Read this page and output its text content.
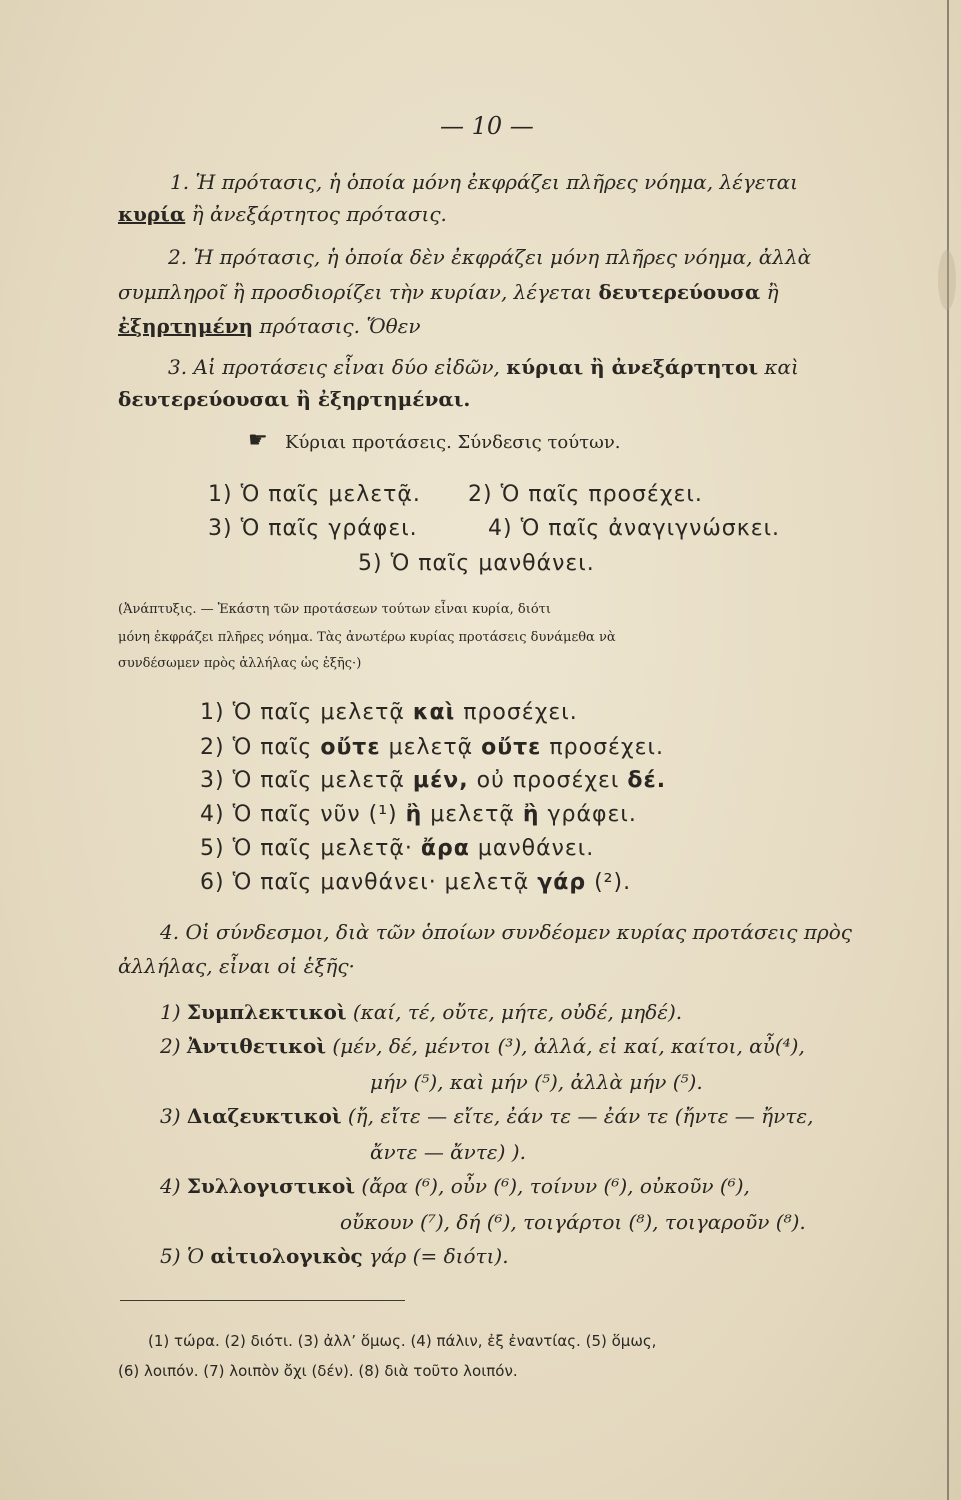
— 10 —
1. Ἡ πρότασις, ἡ ὁποία μόνη ἐκφράζει πλῆρες νόημα, λέγεται
κυρία ἢ ἀνεξάρτητος πρότασις.
2. Ἡ πρότασις, ἡ ὁποία δὲν ἐκφράζει μόνη πλῆρες νόημα, ἀλλὰ
συμπληροῖ ἢ προσδιορίζει τὴν κυρίαν, λέγεται δευτερεύουσα ἢ
ἐξηρτημένη πρότασις. Ὅθεν
3. Αἱ προτάσεις εἶναι δύο εἰδῶν, κύριαι ἢ ἀνεξάρτητοι καὶ
δευτερεύουσαι ἢ ἐξηρτημέναι.
☛ Κύριαι προτάσεις. Σύνδεσις τούτων.
1) Ὁ παῖς μελετᾷ. 2) Ὁ παῖς προσέχει.
3) Ὁ παῖς γράφει.	4) Ὁ παῖς ἀναγιγνώσκει.
5) Ὁ παῖς μανθάνει.
(Ἀνάπτυξις. — Ἑκάστη τῶν προτάσεων τούτων εἶναι κυρία, διότι
μόνη ἐκφράζει πλῆρες νόημα. Τὰς ἀνωτέρω κυρίας προτάσεις δυνάμεθα νὰ
συνδέσωμεν πρὸς ἀλλήλας ὡς ἑξῆς·)
1) Ὁ παῖς μελετᾷ καὶ προσέχει.
2) Ὁ παῖς οὔτε μελετᾷ οὔτε προσέχει.
3) Ὁ παῖς μελετᾷ μέν, οὐ προσέχει δέ.
4) Ὁ παῖς νῦν (¹) ἢ μελετᾷ ἢ γράφει.
5) Ὁ παῖς μελετᾷ· ἄρα μανθάνει.
6) Ὁ παῖς μανθάνει· μελετᾷ γάρ (²).
4. Οἱ σύνδεσμοι, διὰ τῶν ὁποίων συνδέομεν κυρίας προτάσεις πρὸς
ἀλλήλας, εἶναι οἱ ἑξῆς·
1) Συμπλεκτικοὶ (καί, τέ, οὔτε, μήτε, οὐδέ, μηδέ).
2) Ἀντιθετικοὶ (μέν, δέ, μέντοι (³), ἀλλά, εἰ καί, καίτοι, αὖ(⁴),
μήν (⁵), καὶ μήν (⁵), ἀλλὰ μήν (⁵).
3) Διαζευκτικοὶ (ἤ, εἴτε — εἴτε, ἐάν τε — ἐάν τε (ἤντε — ἤντε,
ἄντε — ἄντε) ).
4) Συλλογιστικοὶ (ἄρα (⁶), οὖν (⁶), τοίνυν (⁶), οὐκοῦν (⁶),
οὔκουν (⁷), δή (⁶), τοιγάρτοι (⁸), τοιγαροῦν (⁸).
5) Ὁ αἰτιολογικὸς γάρ (= διότι).
(1) τώρα. (2) διότι. (3) ἀλλ’ ὅμως. (4) πάλιν, ἐξ ἐναντίας. (5) ὅμως,
(6) λοιπόν. (7) λοιπὸν ὄχι (δέν). (8) διὰ τοῦτο λοιπόν.
